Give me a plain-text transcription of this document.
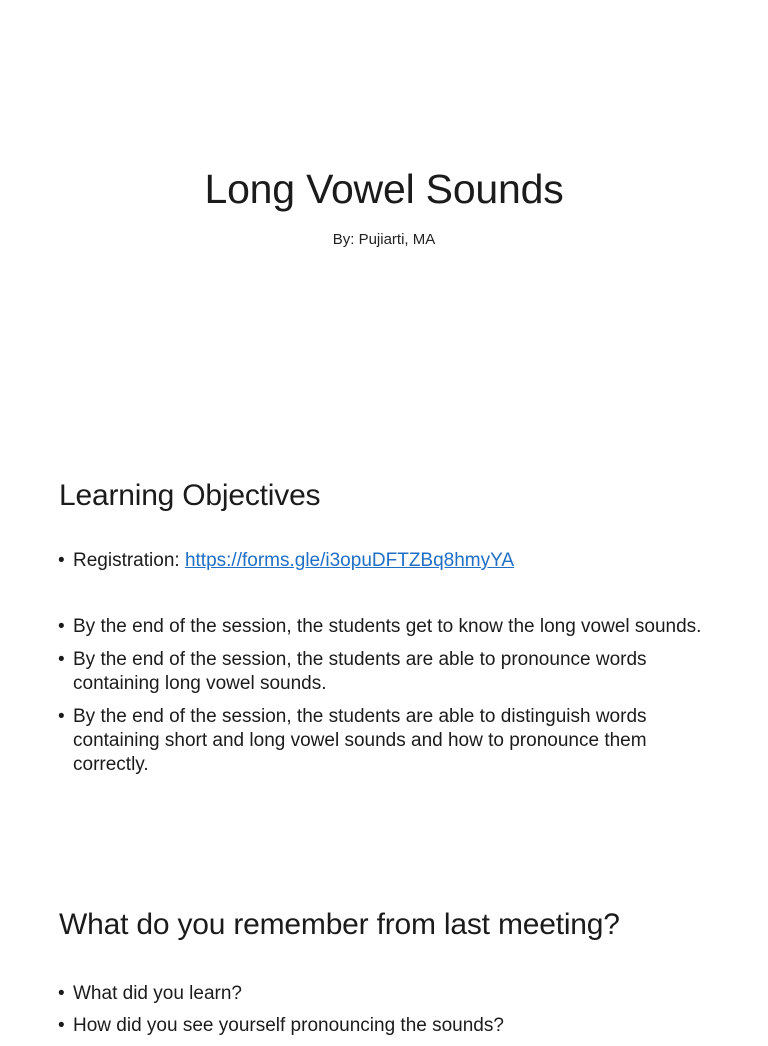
Long Vowel Sounds
By: Pujiarti, MA
Learning Objectives
• Registration: https://forms.gle/i3opuDFTZBq8hmyYA
• By the end of the session, the students get to know the long vowel sounds.
• By the end of the session, the students are able to pronounce words containing long vowel sounds.
• By the end of the session, the students are able to distinguish words containing short and long vowel sounds and how to pronounce them correctly.
What do you remember from last meeting?
• What did you learn?
• How did you see yourself pronouncing the sounds?
